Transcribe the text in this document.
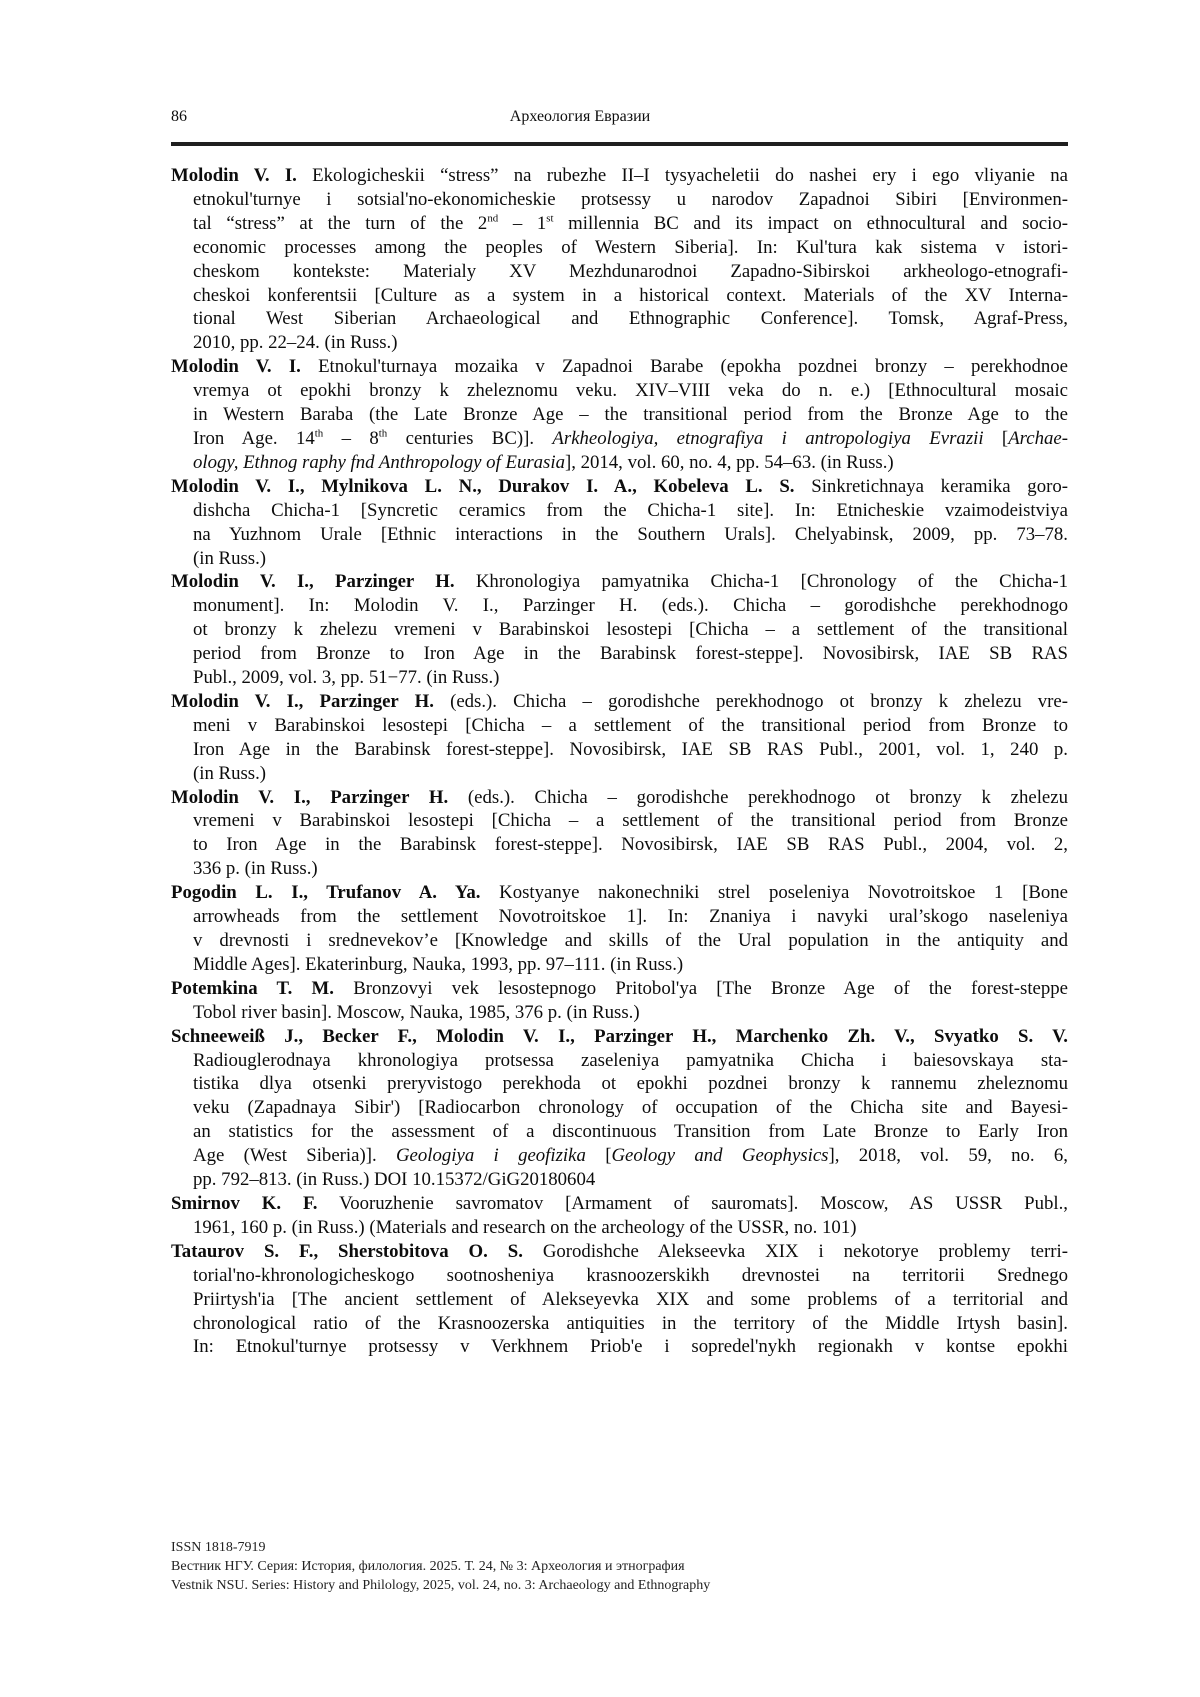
86	Археология Евразии
Molodin V. I. Ekologicheskii “stress” na rubezhe II–I tysyacheletii do nashei ery i ego vliyanie na
etnokul'turnye i sotsial'no-ekonomicheskie protsessy u narodov Zapadnoi Sibiri [Environmen-
tal “stress” at the turn of the 2nd – 1st millennia BC and its impact on ethnocultural and socio-
economic processes among the peoples of Western Siberia]. In: Kul'tura kak sistema v istori-
cheskom kontekste: Materialy XV Mezhdunarodnoi Zapadno-Sibirskoi arkheologo-etnografi-
cheskoi konferentsii [Culture as a system in a historical context. Materials of the XV Interna-
tional West Siberian Archaeological and Ethnographic Conference]. Tomsk, Agraf-Press,
2010, pp. 22–24. (in Russ.)
Molodin V. I. Etnokul'turnaya mozaika v Zapadnoi Barabe (epokha pozdnei bronzy – perekhodnoe
vremya ot epokhi bronzy k zheleznomu veku. XIV–VIII veka do n. e.) [Ethnocultural mosaic
in Western Baraba (the Late Bronze Age – the transitional period from the Bronze Age to the
Iron Age. 14th – 8th centuries BC)]. Arkheologiya, etnografiya i antropologiya Evrazii [Archae-
ology, Ethnog raphy fnd Anthropology of Eurasia], 2014, vol. 60, no. 4, pp. 54–63. (in Russ.)
Molodin V. I., Mylnikova L. N., Durakov I. A., Kobeleva L. S. Sinkretichnaya keramika goro-
dishcha Chicha-1 [Syncretic ceramics from the Chicha-1 site]. In: Etnicheskie vzaimodeistviya
na Yuzhnom Urale [Ethnic interactions in the Southern Urals]. Chelyabinsk, 2009, pp. 73–78.
(in Russ.)
Molodin V. I., Parzinger H. Khronologiya pamyatnika Chicha-1 [Chronology of the Chicha-1
monument]. In: Molodin V. I., Parzinger H. (eds.). Chicha – gorodishche perekhodnogo
ot bronzy k zhelezu vremeni v Barabinskoi lesostepi [Chicha – a settlement of the transitional
period from Bronze to Iron Age in the Barabinsk forest-steppe]. Novosibirsk, IAE SB RAS
Publ., 2009, vol. 3, pp. 51−77. (in Russ.)
Molodin V. I., Parzinger H. (eds.). Chicha – gorodishche perekhodnogo ot bronzy k zhelezu vre-
meni v Barabinskoi lesostepi [Chicha – a settlement of the transitional period from Bronze to
Iron Age in the Barabinsk forest-steppe]. Novosibirsk, IAE SB RAS Publ., 2001, vol. 1, 240 p.
(in Russ.)
Molodin V. I., Parzinger H. (eds.). Chicha – gorodishche perekhodnogo ot bronzy k zhelezu
vremeni v Barabinskoi lesostepi [Chicha – a settlement of the transitional period from Bronze
to Iron Age in the Barabinsk forest-steppe]. Novosibirsk, IAE SB RAS Publ., 2004, vol. 2,
336 p. (in Russ.)
Pogodin L. I., Trufanov A. Ya. Kostyanye nakonechniki strel poseleniya Novotroitskoe 1 [Bone
arrowheads from the settlement Novotroitskoe 1]. In: Znaniya i navyki ural’skogo naseleniya
v drevnosti i srednevekov’e [Knowledge and skills of the Ural population in the antiquity and
Middle Ages]. Ekaterinburg, Nauka, 1993, pp. 97–111. (in Russ.)
Potemkina T. M. Bronzovyi vek lesostepnogo Pritobol'ya [The Bronze Age of the forest-steppe
Tobol river basin]. Moscow, Nauka, 1985, 376 p. (in Russ.)
Schneeweiß J., Becker F., Molodin V. I., Parzinger H., Marchenko Zh. V., Svyatko S. V.
Radiouglerodnaya khronologiya protsessa zaseleniya pamyatnika Chicha i baiesovskaya sta-
tistika dlya otsenki preryvistogo perekhoda ot epokhi pozdnei bronzy k rannemu zheleznomu
veku (Zapadnaya Sibir') [Radiocarbon chronology of occupation of the Chicha site and Bayesi-
an statistics for the assessment of a discontinuous Transition from Late Bronze to Early Iron
Age (West Siberia)]. Geologiya i geofizika [Geology and Geophysics], 2018, vol. 59, no. 6,
pp. 792–813. (in Russ.) DOI 10.15372/GiG20180604
Smirnov K. F. Vooruzhenie savromatov [Armament of sauromats]. Moscow, AS USSR Publ.,
1961, 160 p. (in Russ.) (Materials and research on the archeology of the USSR, no. 101)
Tataurov S. F., Sherstobitova O. S. Gorodishche Alekseevka XIX i nekotorye problemy terri-
torial'no-khronologicheskogo sootnosheniya krasnoozerskikh drevnostei na territorii Srednego
Priirtysh'ia [The ancient settlement of Alekseyevka XIX and some problems of a territorial and
chronological ratio of the Krasnoozerska antiquities in the territory of the Middle Irtysh basin].
In: Etnokul'turnye protsessy v Verkhnem Priob'e i sopredel'nykh regionakh v kontse epokhi
ISSN 1818-7919
Вестник НГУ. Серия: История, филология. 2025. Т. 24, № 3: Археология и этнография
Vestnik NSU. Series: History and Philology, 2025, vol. 24, no. 3: Archaeology and Ethnography
